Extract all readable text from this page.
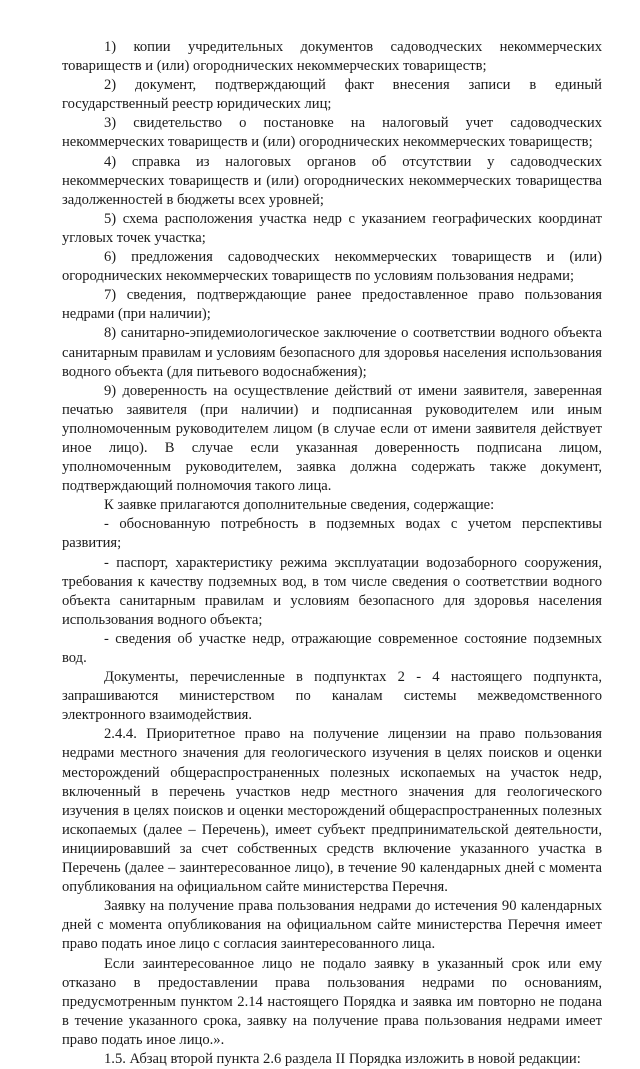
1) копии учредительных документов садоводческих некоммерческих товариществ и (или) огороднических некоммерческих товариществ;

2) документ, подтверждающий факт внесения записи в единый государственный реестр юридических лиц;

3) свидетельство о постановке на налоговый учет садоводческих некоммерческих товариществ и (или) огороднических некоммерческих товариществ;

4) справка из налоговых органов об отсутствии у садоводческих некоммерческих товариществ и (или) огороднических некоммерческих товарищества задолженностей в бюджеты всех уровней;

5) схема расположения участка недр с указанием географических координат угловых точек участка;

6) предложения садоводческих некоммерческих товариществ и (или) огороднических некоммерческих товариществ по условиям пользования недрами;

7) сведения, подтверждающие ранее предоставленное право пользования недрами (при наличии);

8) санитарно-эпидемиологическое заключение о соответствии водного объекта санитарным правилам и условиям безопасного для здоровья населения использования водного объекта (для питьевого водоснабжения);

9) доверенность на осуществление действий от имени заявителя, заверенная печатью заявителя (при наличии) и подписанная руководителем или иным уполномоченным руководителем лицом (в случае если от имени заявителя действует иное лицо). В случае если указанная доверенность подписана лицом, уполномоченным руководителем, заявка должна содержать также документ, подтверждающий полномочия такого лица.

К заявке прилагаются дополнительные сведения, содержащие:

- обоснованную потребность в подземных водах с учетом перспективы развития;

- паспорт, характеристику режима эксплуатации водозаборного сооружения, требования к качеству подземных вод, в том числе сведения о соответствии водного объекта санитарным правилам и условиям безопасного для здоровья населения использования водного объекта;

- сведения об участке недр, отражающие современное состояние подземных вод.

Документы, перечисленные в подпунктах 2 - 4 настоящего подпункта, запрашиваются министерством по каналам системы межведомственного электронного взаимодействия.

2.4.4. Приоритетное право на получение лицензии на право пользования недрами местного значения для геологического изучения в целях поисков и оценки месторождений общераспространенных полезных ископаемых на участок недр, включенный в перечень участков недр местного значения для геологического изучения в целях поисков и оценки месторождений общераспространенных полезных ископаемых (далее – Перечень), имеет субъект предпринимательской деятельности, инициировавший за счет собственных средств включение указанного участка в Перечень (далее – заинтересованное лицо), в течение 90 календарных дней с момента опубликования на официальном сайте министерства Перечня.

Заявку на получение права пользования недрами до истечения 90 календарных дней с момента опубликования на официальном сайте министерства Перечня имеет право подать иное лицо с согласия заинтересованного лица.

Если заинтересованное лицо не подало заявку в указанный срок или ему отказано в предоставлении права пользования недрами по основаниям, предусмотренным пунктом 2.14 настоящего Порядка и заявка им повторно не подана в течение указанного срока, заявку на получение права пользования недрами имеет право подать иное лицо.».

1.5. Абзац второй пункта 2.6 раздела II Порядка изложить в новой редакции:
